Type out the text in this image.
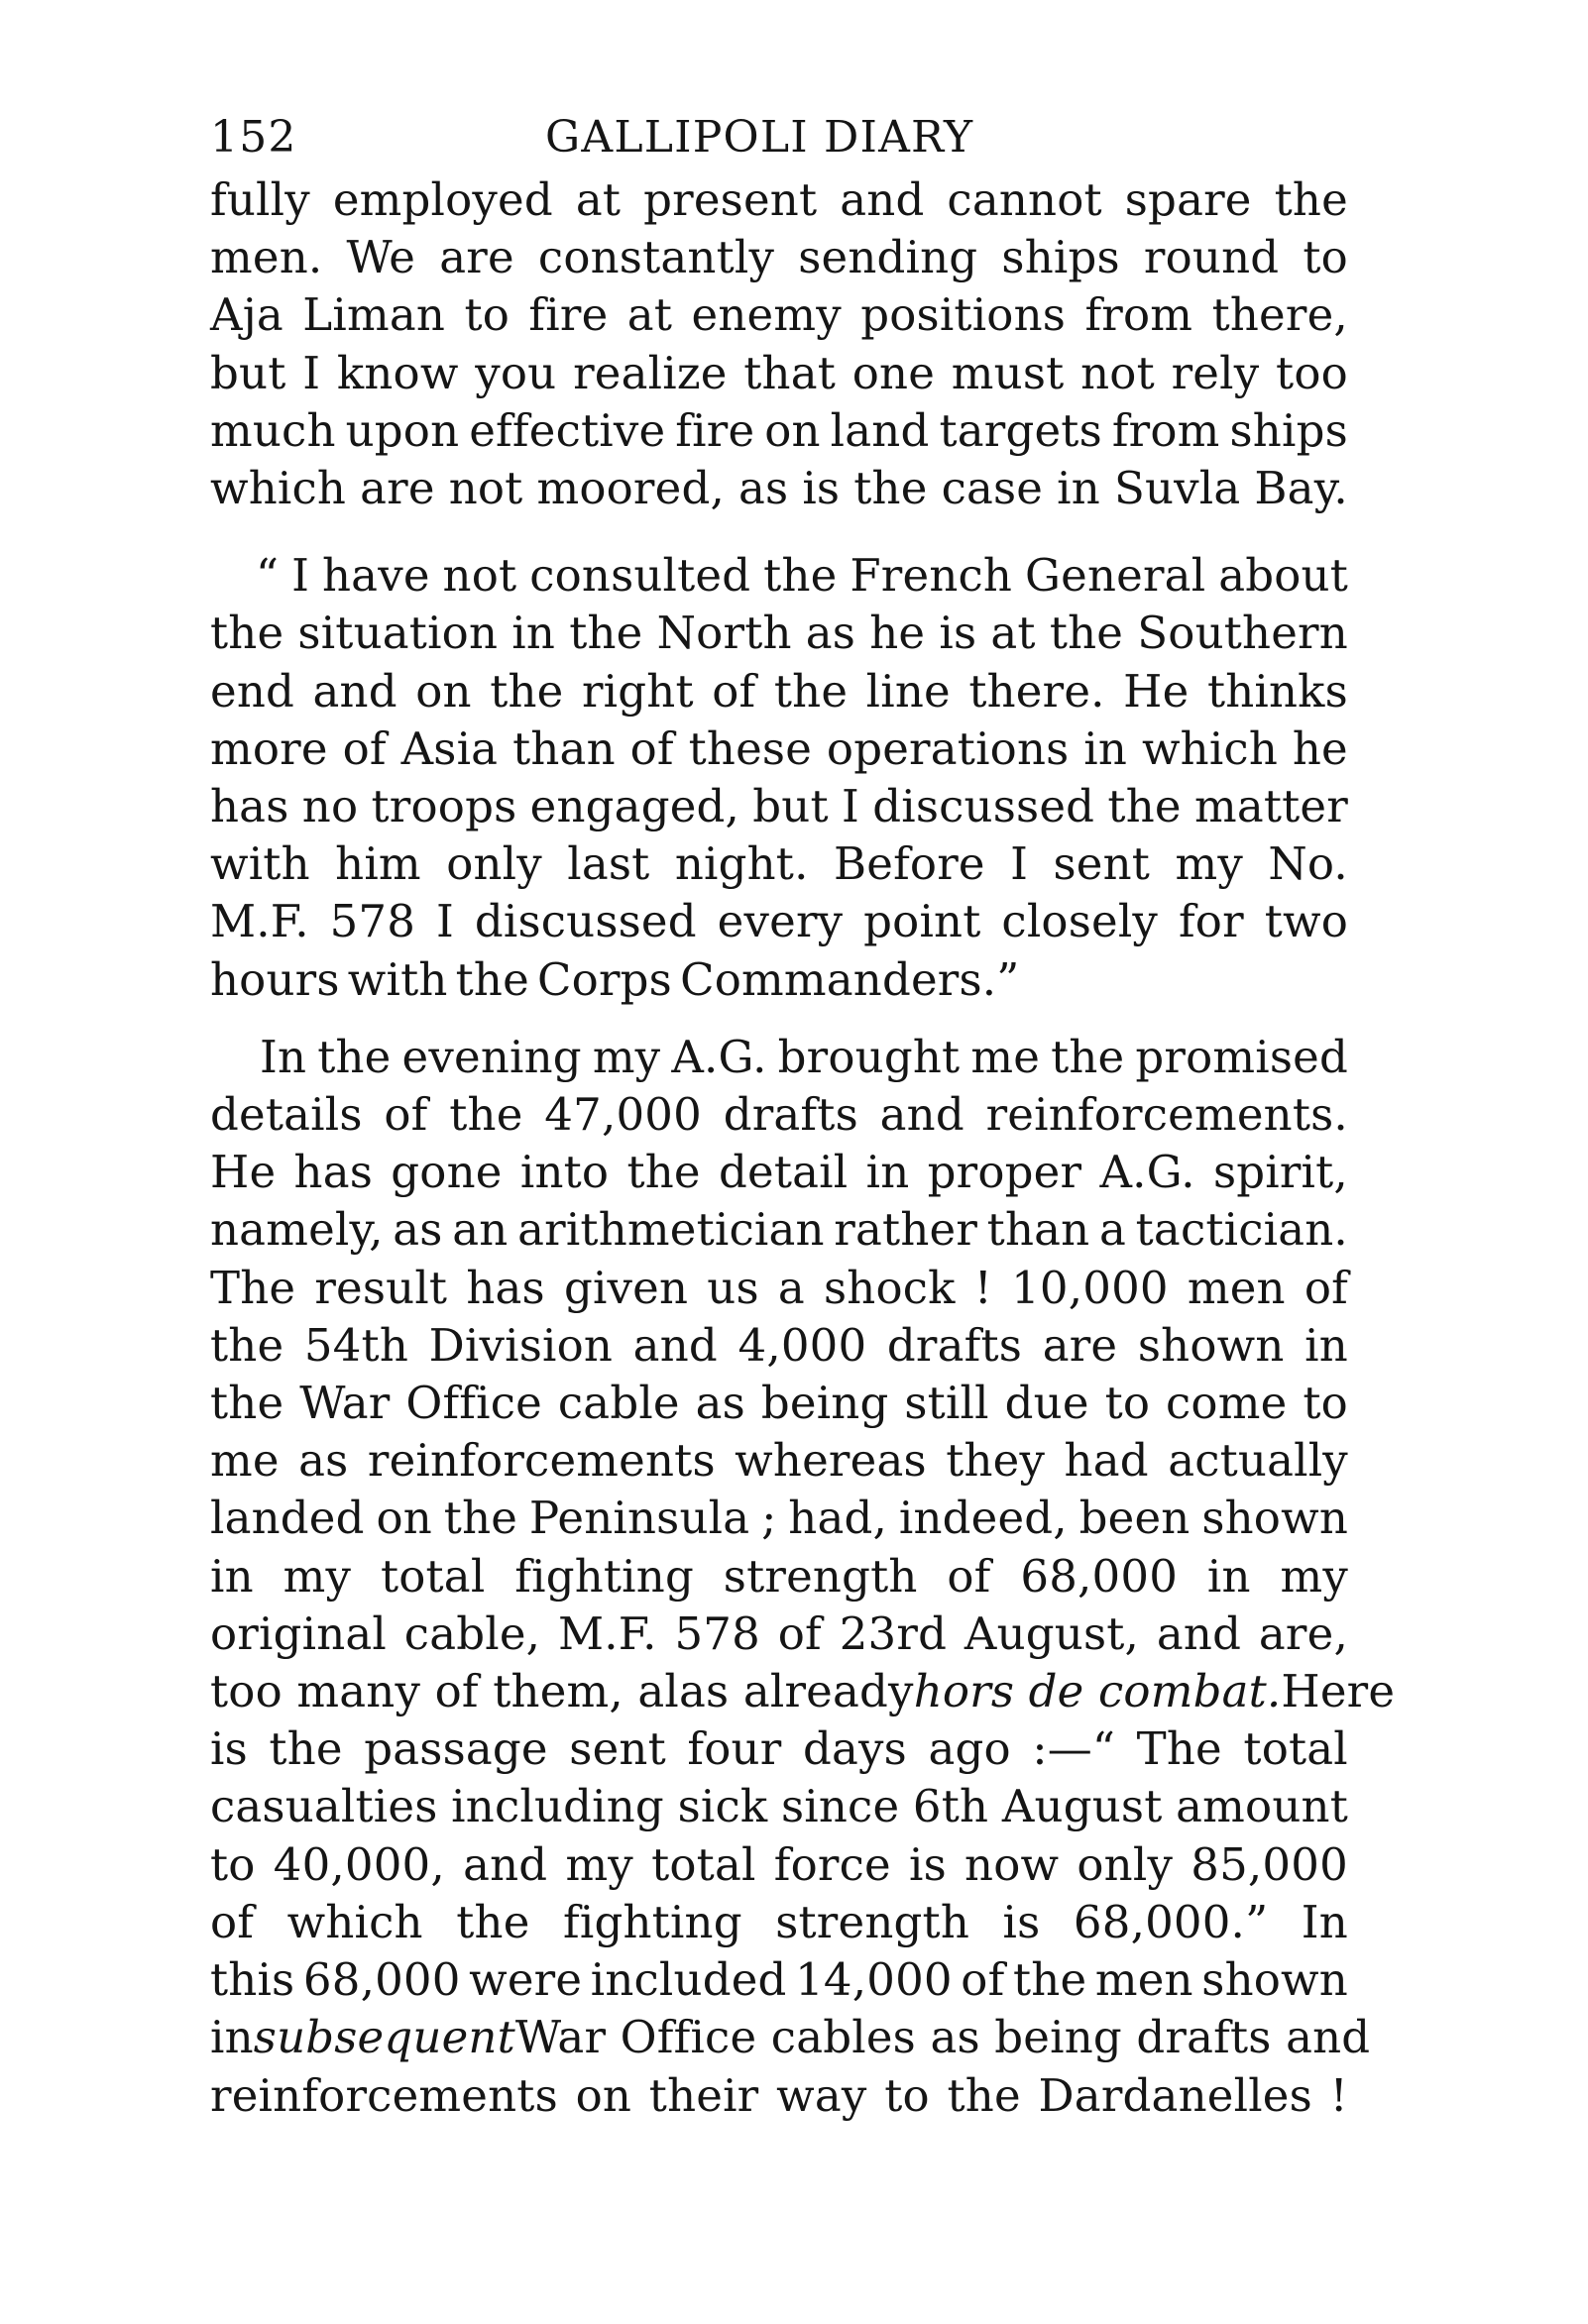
152	GALLIPOLI DIARY
fully employed at present and cannot spare the
men. We are constantly sending ships round to
Aja Liman to fire at enemy positions from there,
but I know you realize that one must not rely too
much upon effective fire on land targets from ships
which are not moored, as is the case in Suvla Bay.
“ I have not consulted the French General about
the situation in the North as he is at the Southern
end and on the right of the line there. He thinks
more of Asia than of these operations in which he
has no troops engaged, but I discussed the matter
with him only last night. Before I sent my No.
M.F. 578 I discussed every point closely for two
hours with the Corps Commanders.”
In the evening my A.G. brought me the promised
details of the 47,000 drafts and reinforcements.
He has gone into the detail in proper A.G. spirit,
namely, as an arithmetician rather than a tactician.
The result has given us a shock ! 10,000 men of
the 54th Division and 4,000 drafts are shown in
the War Office cable as being still due to come to
me as reinforcements whereas they had actually
landed on the Peninsula ; had, indeed, been shown
in my total fighting strength of 68,000 in my
original cable, M.F. 578 of 23rd August, and are,
too many of them, alas already hors de combat. Here
is the passage sent four days ago :—“ The total
casualties including sick since 6th August amount
to 40,000, and my total force is now only 85,000
of which the fighting strength is 68,000.” In
this 68,000 were included 14,000 of the men shown
in subsequent War Office cables as being drafts and
reinforcements on their way to the Dardanelles !
